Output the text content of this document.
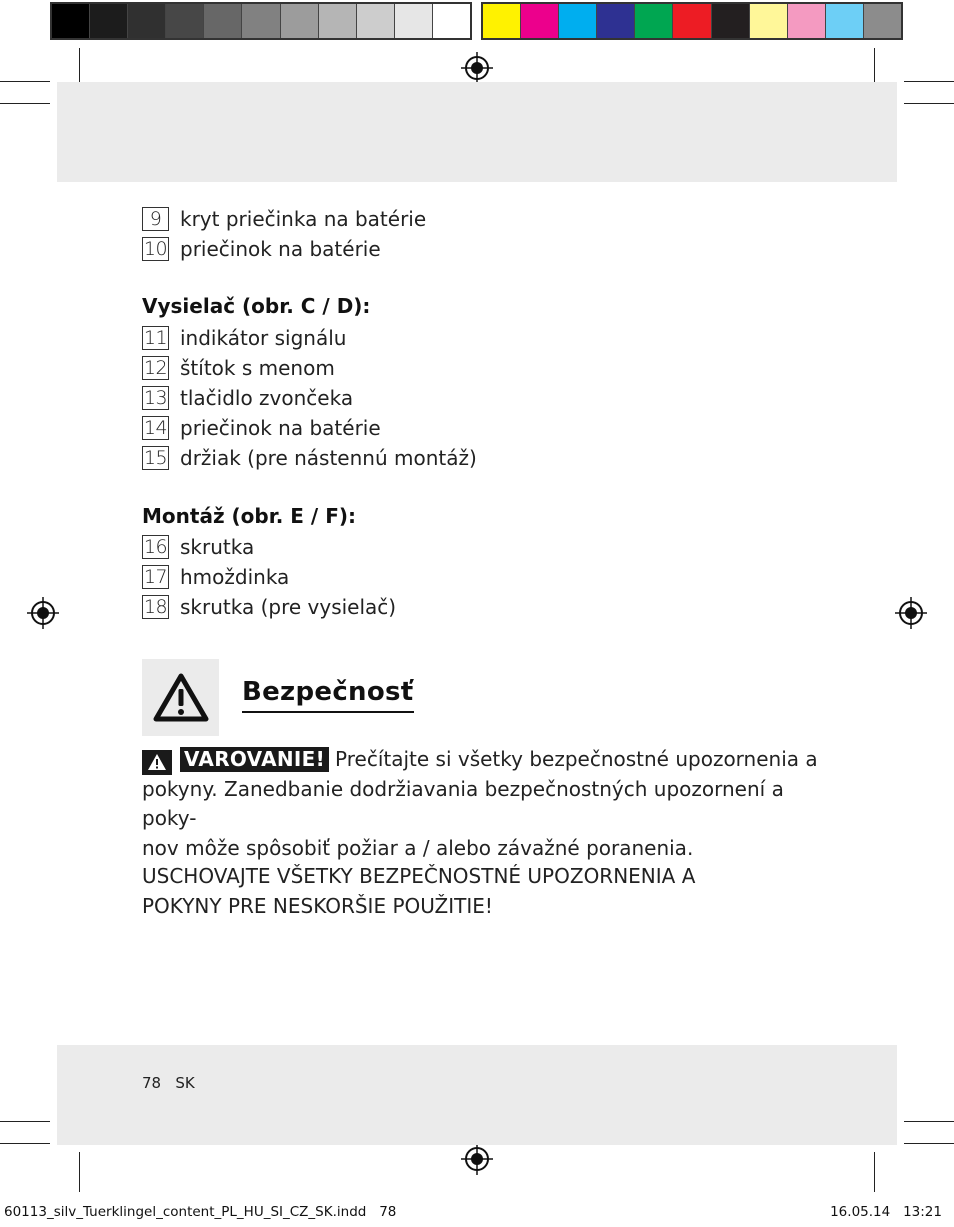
9 kryt priečinka na batérie
10 priečinok na batérie
Vysielač (obr. C / D):
11 indikátor signálu
12 štítok s menom
13 tlačidlo zvončeka
14 priečinok na batérie
15 držiak (pre nástennú montáž)
Montáž (obr. E / F):
16 skrutka
17 hmoždinka
18 skrutka (pre vysielač)
Bezpečnosť
VAROVANIE! Prečítajte si všetky bezpečnostné upozornenia a
pokyny. Zanedbanie dodržiavania bezpečnostných upozornení a poky-
nov môže spôsobiť požiar a / alebo závažné poranenia.
USCHOVAJTE VŠETKY BEZPEČNOSTNÉ UPOZORNENIA A
POKYNY PRE NESKORŠIE POUŽITIE!
78 SK
60113_silv_Tuerklingel_content_PL_HU_SI_CZ_SK.indd   78	16.05.14   13:21
